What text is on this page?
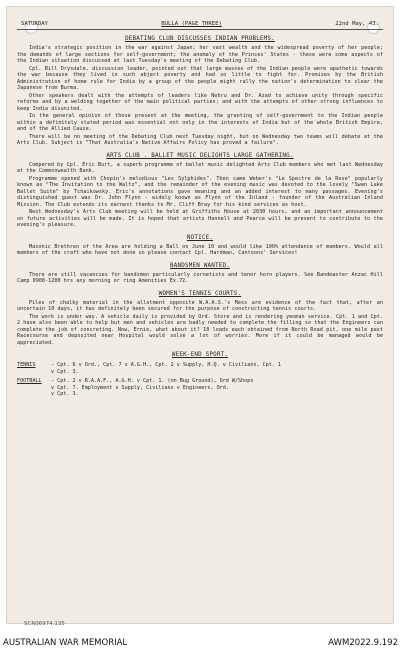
SATURDAY	BULLA (PAGE THREE)	22nd May, 43.
DEBATING CLUB DISCUSSES INDIAN PROBLEMS.

India's strategic position in the war against Japan; her vast wealth and the widespread poverty of her people; the demands of large sections for self-government; the anomaly of the Princes' States - these were some aspects of the Indian situation discussed at last Tuesday's meeting of the Debating Club.

Cpl. Bill Drysdale, discussion leader, pointed out that large masses of the Indian people were apathetic towards the war because they lived in such abject poverty and had so little to fight for. Promises by the British Administration of home rule for India by a group of the people might rally the nation's determination to clear the Japanese from Burma.

Other speakers dealt with the attempts of leaders like Nehru and Dr. Azad to achieve unity through specific reforms and by a welding together of the main political parties; and with the attempts of other strong influences to keep India disunited.

In the general opinion of those present at the meeting, the granting of self-government to the Indian people within a definitely stated period was essential not only in the interests of India but of the whole British Empire, and of the Allied Cause.

There will be no meeting of the Debating Club next Tuesday night, but on Wednesday two teams will debate at the Arts Club. Subject is "That Australia's Native Affairs Policy has proved a failure".

ARTS CLUB . BALLET MUSIC DELIGHTS LARGE GATHERING.

Compered by Cpl. Eric Burt, a superb programme of ballet music delighted Arts Club members who met last Wednesday at the Commonwealth Bank.

Programme opened with Chopin's melodious "Les Sylphides". Then came Weber's "Le Spectre de la Rose" popularly known as "The Invitation to the Waltz", and the remainder of the evening music was devoted to the lovely "Swan Lake Ballet Suite" by Tchaikowsky. Eric's annotations gave meaning and an added interest to many passages. Evening's distinguished guest was Dr. John Flynn - widely known as Flynn of the Inland - founder of the Australian Inland Mission. The Club extends its earnest thanks to Mr. Cliff Bray for his kind services as host.

Next Wednesday's Arts Club meeting will be held at Griffiths House at 2030 hours, and an important announcement on future activities will be made. It is hoped that artists Hannell and Pearce will be present to contribute to the evening's pleasure.

NOTICE.

Masonic Brethren of the Area are holding a Ball on June 10 and would like 100% attendance of members. Would all members of the craft who have not done so please contact Cpl. Hardman, Cantoons' Services!

BANDSMEN WANTED.

There are still vacancies for bandsmen particularly cornetists and tenor horn players. See Bandmaster Anzac Hill Camp 0900-1200 hrs any morning or ring Amenities Ex.72.

WOMEN'S TENNIS COURTS.

Piles of chalky material in the allotment opposite W.A.A.S.'s Mess are evidence of the fact that, after an uncertain 10 days, it has definitely been secured for the purpose of constructing tennis courts.

The work is under way. A vehicle daily is provided by Ord. Store and is rendering yeoman service. Cpt. 1 and Cpt. 2 have also been able to help but men and vehicles are badly needed to complete the filling so that the Engineers can complete the job of concreting. Now, Ernie, what about it? 10 loads each obtained from North Road pit, one mile past Racecourse and deposited near Hospital would solve a lot of worries. More if it could be managed would be appreciated.

WEEK-END SPORT.
TENNIS	- Cpt. 6 v Ord., Cpt. 7 v A.G.H., Cpt. 2 v Supply, H.Q. v Civilians, Cpt. 1
v Cpt. 3.
FOOTBALL	- Cpt. 2 v R.A.A.F., A.G.H. v Cpt. 1. (on Bug Ground), Ord W/Shops
v Cpt. 7. Employment v Supply, Civilians v Engineers, Ord.
v Cpt. 3.
SCR06974.135
AUSTRALIAN WAR MEMORIAL	AWM2022.9.192
